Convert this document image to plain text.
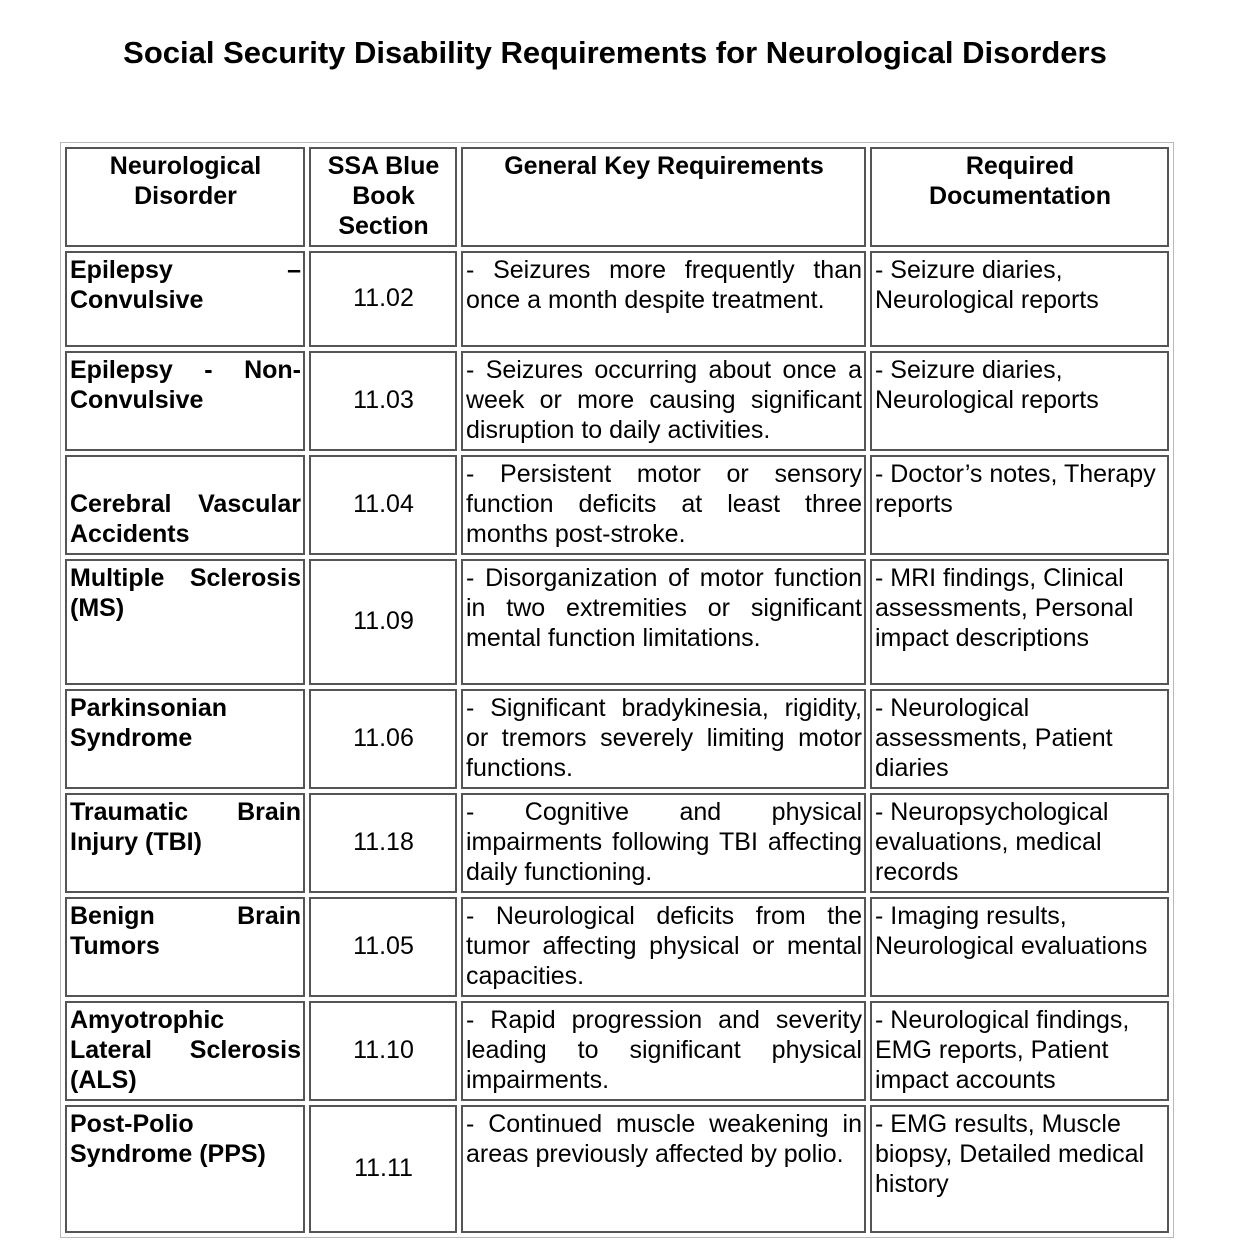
Social Security Disability Requirements for Neurological Disorders
Neurological Disorder	SSA Blue Book Section	General Key Requirements	Required Documentation
Epilepsy – Convulsive	11.02	- Seizures more frequently than once a month despite treatment.	- Seizure diaries, Neurological reports
Epilepsy - Non-Convulsive	11.03	- Seizures occurring about once a week or more causing significant disruption to daily activities.	- Seizure diaries, Neurological reports
Cerebral Vascular Accidents	11.04	- Persistent motor or sensory function deficits at least three months post-stroke.	- Doctor’s notes, Therapy reports
Multiple Sclerosis (MS)	11.09	- Disorganization of motor function in two extremities or significant mental function limitations.	- MRI findings, Clinical assessments, Personal impact descriptions
Parkinsonian Syndrome	11.06	- Significant bradykinesia, rigidity, or tremors severely limiting motor functions.	- Neurological assessments, Patient diaries
Traumatic Brain Injury (TBI)	11.18	- Cognitive and physical impairments following TBI affecting daily functioning.	- Neuropsychological evaluations, medical records
Benign Brain Tumors	11.05	- Neurological deficits from the tumor affecting physical or mental capacities.	- Imaging results, Neurological evaluations
Amyotrophic Lateral Sclerosis (ALS)	11.10	- Rapid progression and severity leading to significant physical impairments.	- Neurological findings, EMG reports, Patient impact accounts
Post-Polio Syndrome (PPS)	11.11	- Continued muscle weakening in areas previously affected by polio.	- EMG results, Muscle biopsy, Detailed medical history
